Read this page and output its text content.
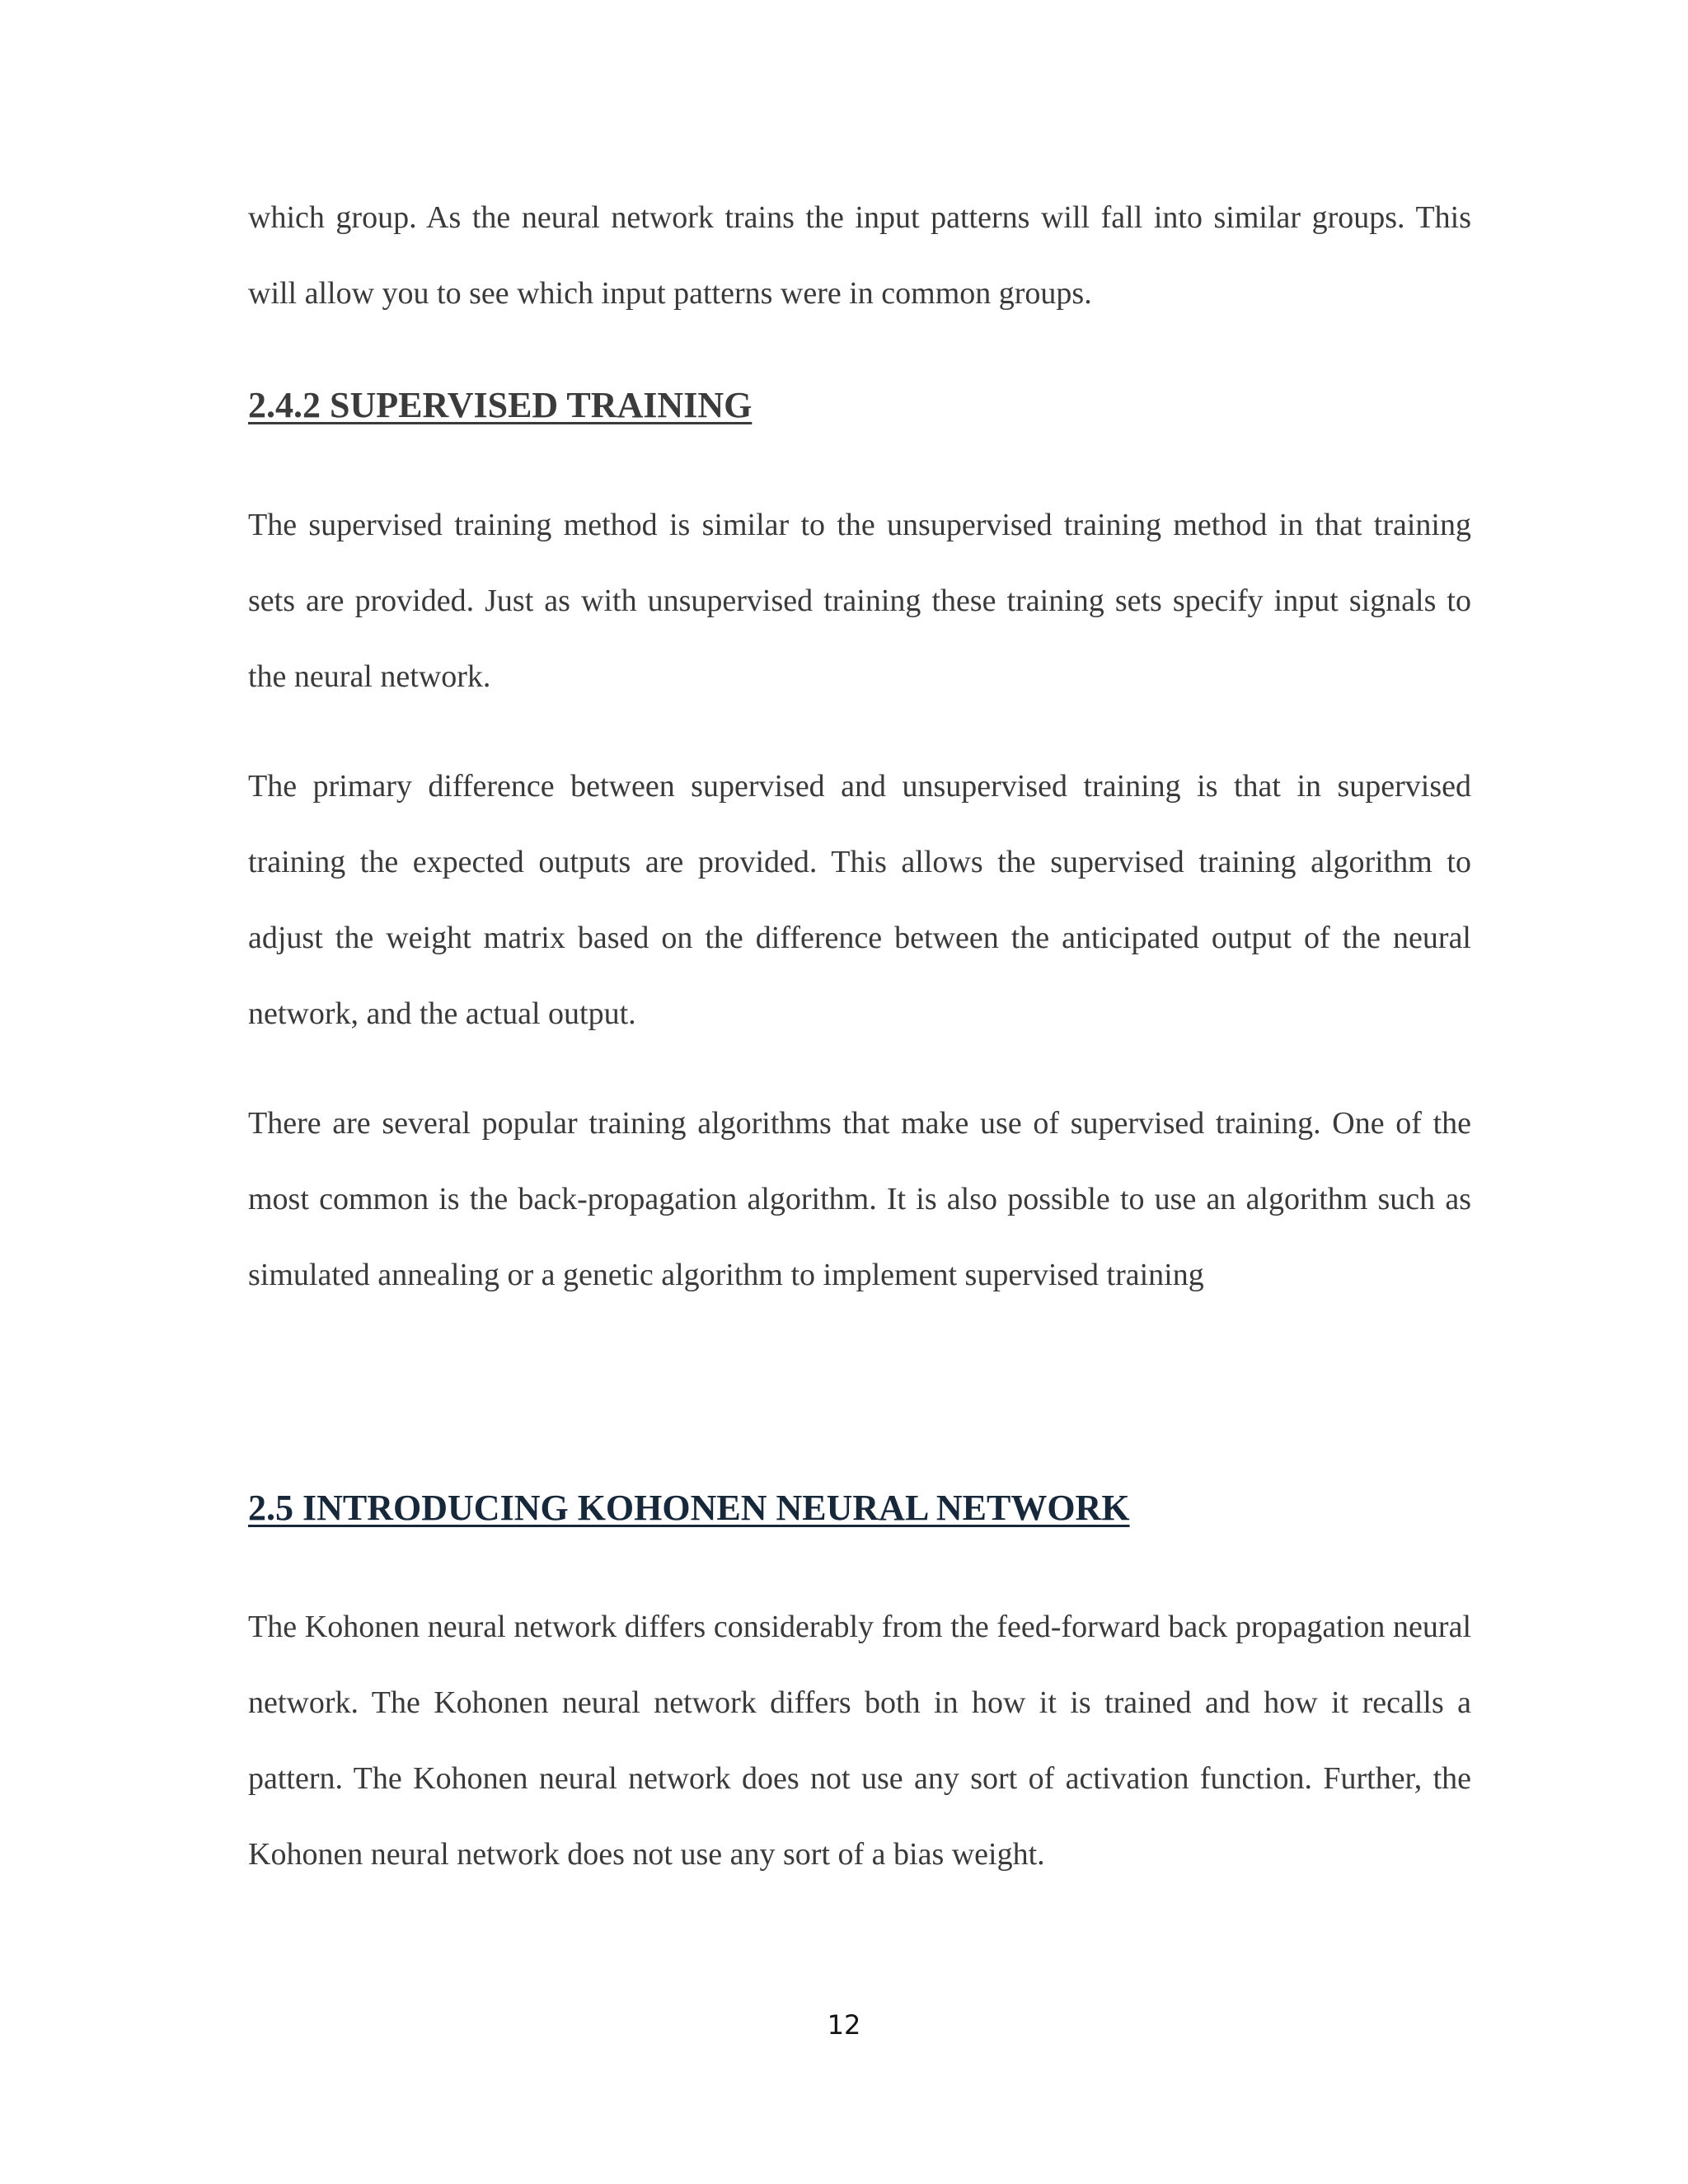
which group. As the neural network trains the input patterns will fall into similar groups. This will allow you to see which input patterns were in common groups.

2.4.2 SUPERVISED TRAINING

The supervised training method is similar to the unsupervised training method in that training sets are provided. Just as with unsupervised training these training sets specify input signals to the neural network.

The primary difference between supervised and unsupervised training is that in supervised training the expected outputs are provided. This allows the supervised training algorithm to adjust the weight matrix based on the difference between the anticipated output of the neural network, and the actual output.

There are several popular training algorithms that make use of supervised training. One of the most common is the back-propagation algorithm. It is also possible to use an algorithm such as simulated annealing or a genetic algorithm to implement supervised training

2.5 INTRODUCING KOHONEN NEURAL NETWORK

The Kohonen neural network differs considerably from the feed-forward back propagation neural network. The Kohonen neural network differs both in how it is trained and how it recalls a pattern. The Kohonen neural network does not use any sort of activation function. Further, the Kohonen neural network does not use any sort of a bias weight.

12
